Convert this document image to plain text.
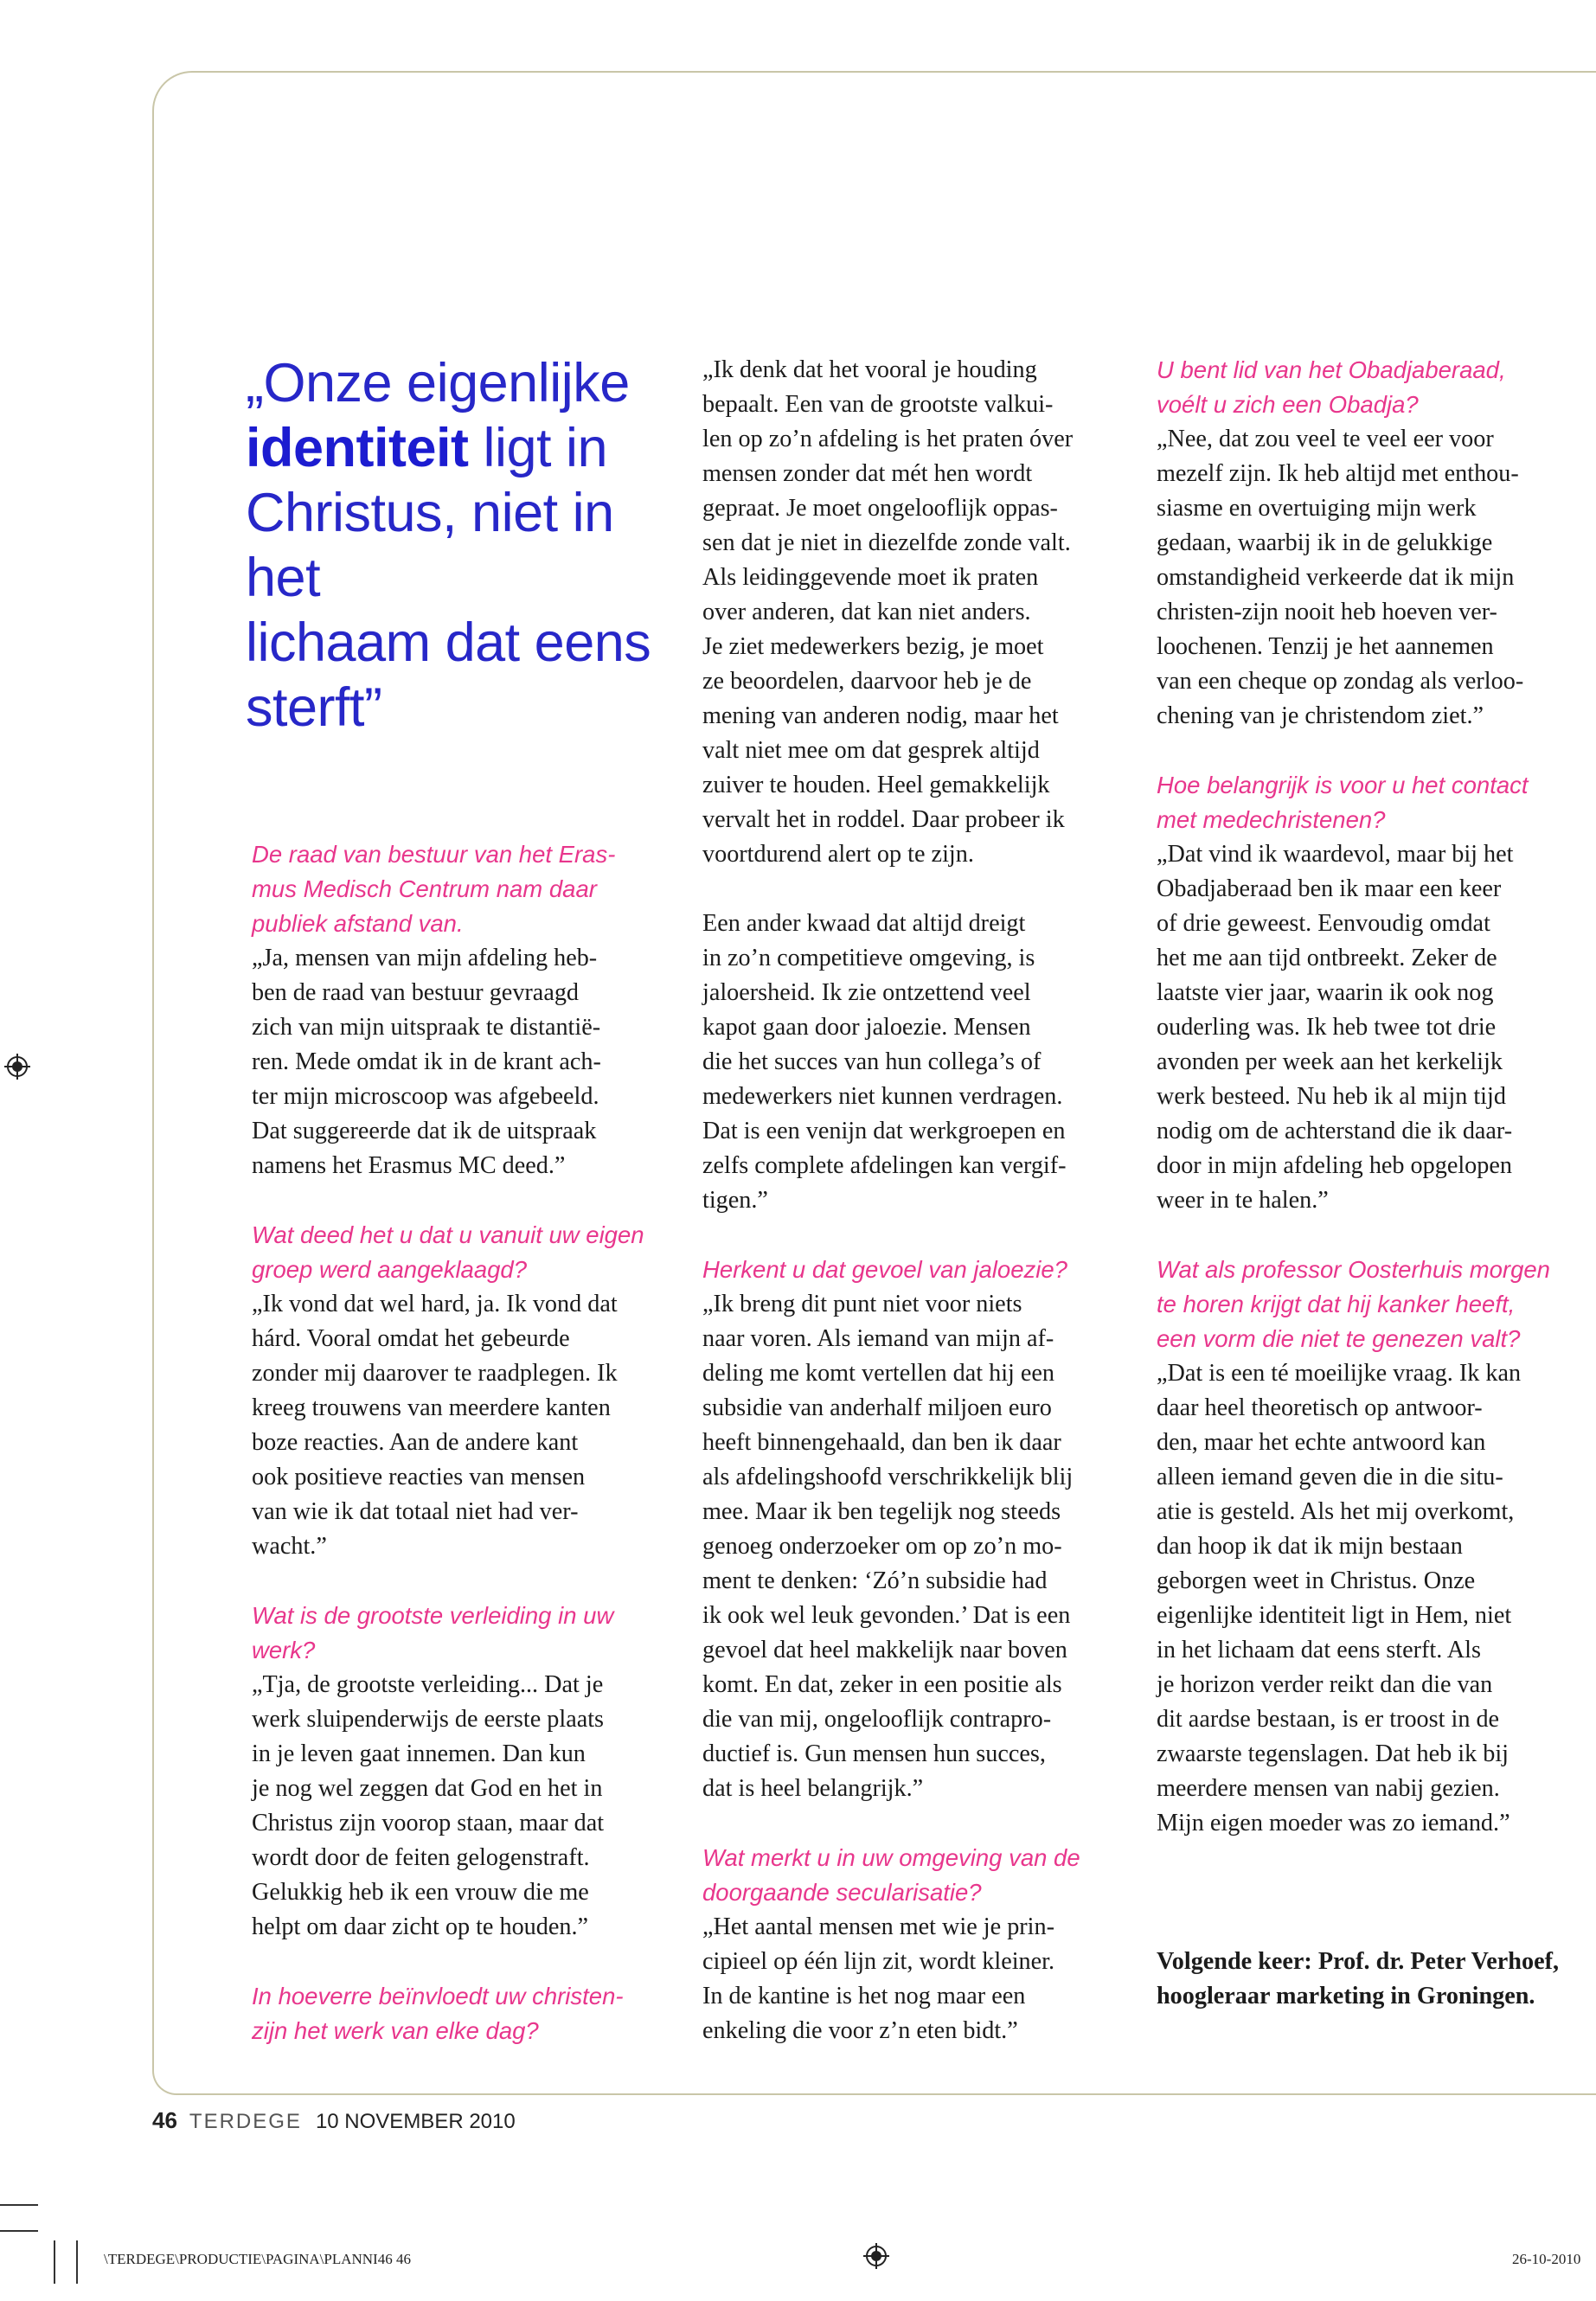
„Onze eigenlijke
identiteit ligt in
Christus, niet in het
lichaam dat eens
sterft”
De raad van bestuur van het Eras-
mus Medisch Centrum nam daar
publiek afstand van.
„Ja, mensen van mijn afdeling heb-
ben de raad van bestuur gevraagd
zich van mijn uitspraak te distantië-
ren. Mede omdat ik in de krant ach-
ter mijn microscoop was afgebeeld.
Dat suggereerde dat ik de uitspraak
namens het Erasmus MC deed.”
Wat deed het u dat u vanuit uw eigen
groep werd aangeklaagd?
„Ik vond dat wel hard, ja. Ik vond dat
hárd. Vooral omdat het gebeurde
zonder mij daarover te raadplegen. Ik
kreeg trouwens van meerdere kanten
boze reacties. Aan de andere kant
ook positieve reacties van mensen
van wie ik dat totaal niet had ver-
wacht.”
Wat is de grootste verleiding in uw
werk?
„Tja, de grootste verleiding... Dat je
werk sluipenderwijs de eerste plaats
in je leven gaat innemen. Dan kun
je nog wel zeggen dat God en het in
Christus zijn voorop staan, maar dat
wordt door de feiten gelogenstraft.
Gelukkig heb ik een vrouw die me
helpt om daar zicht op te houden.”
In hoeverre beïnvloedt uw christen-
zijn het werk van elke dag?
„Ik denk dat het vooral je houding
bepaalt. Een van de grootste valkui-
len op zo’n afdeling is het praten óver
mensen zonder dat mét hen wordt
gepraat. Je moet ongelooflijk oppas-
sen dat je niet in diezelfde zonde valt.
Als leidinggevende moet ik praten
over anderen, dat kan niet anders.
Je ziet medewerkers bezig, je moet
ze beoordelen, daarvoor heb je de
mening van anderen nodig, maar het
valt niet mee om dat gesprek altijd
zuiver te houden. Heel gemakkelijk
vervalt het in roddel. Daar probeer ik
voortdurend alert op te zijn.
Een ander kwaad dat altijd dreigt
in zo’n competitieve omgeving, is
jaloersheid. Ik zie ontzettend veel
kapot gaan door jaloezie. Mensen
die het succes van hun collega’s of
medewerkers niet kunnen verdragen.
Dat is een venijn dat werkgroepen en
zelfs complete afdelingen kan vergif-
tigen.”
Herkent u dat gevoel van jaloezie?
„Ik breng dit punt niet voor niets
naar voren. Als iemand van mijn af-
deling me komt vertellen dat hij een
subsidie van anderhalf miljoen euro
heeft binnengehaald, dan ben ik daar
als afdelingshoofd verschrikkelijk blij
mee. Maar ik ben tegelijk nog steeds
genoeg onderzoeker om op zo’n mo-
ment te denken: ‘Zó’n subsidie had
ik ook wel leuk gevonden.’ Dat is een
gevoel dat heel makkelijk naar boven
komt. En dat, zeker in een positie als
die van mij, ongelooflijk contrapro-
ductief is. Gun mensen hun succes,
dat is heel belangrijk.”
Wat merkt u in uw omgeving van de
doorgaande secularisatie?
„Het aantal mensen met wie je prin-
cipieel op één lijn zit, wordt kleiner.
In de kantine is het nog maar een
enkeling die voor z’n eten bidt.”
U bent lid van het Obadjaberaad,
voélt u zich een Obadja?
„Nee, dat zou veel te veel eer voor
mezelf zijn. Ik heb altijd met enthou-
siasme en overtuiging mijn werk
gedaan, waarbij ik in de gelukkige
omstandigheid verkeerde dat ik mijn
christen-zijn nooit heb hoeven ver-
loochenen. Tenzij je het aannemen
van een cheque op zondag als verloo-
chening van je christendom ziet.”
Hoe belangrijk is voor u het contact
met medechristenen?
„Dat vind ik waardevol, maar bij het
Obadjaberaad ben ik maar een keer
of drie geweest. Eenvoudig omdat
het me aan tijd ontbreekt. Zeker de
laatste vier jaar, waarin ik ook nog
ouderling was. Ik heb twee tot drie
avonden per week aan het kerkelijk
werk besteed. Nu heb ik al mijn tijd
nodig om de achterstand die ik daar-
door in mijn afdeling heb opgelopen
weer in te halen.”
Wat als professor Oosterhuis morgen
te horen krijgt dat hij kanker heeft,
een vorm die niet te genezen valt?
„Dat is een té moeilijke vraag. Ik kan
daar heel theoretisch op antwoor-
den, maar het echte antwoord kan
alleen iemand geven die in die situ-
atie is gesteld. Als het mij overkomt,
dan hoop ik dat ik mijn bestaan
geborgen weet in Christus. Onze
eigenlijke identiteit ligt in Hem, niet
in het lichaam dat eens sterft. Als
je horizon verder reikt dan die van
dit aardse bestaan, is er troost in de
zwaarste tegenslagen. Dat heb ik bij
meerdere mensen van nabij gezien.
Mijn eigen moeder was zo iemand.”
Volgende keer: Prof. dr. Peter Verhoef,
hoogleraar marketing in Groningen.
46 TERDEGE 10 NOVEMBER 2010
\TERDEGE\PRODUCTIE\PAGINA\PLANNI46 46	26-10-2010
